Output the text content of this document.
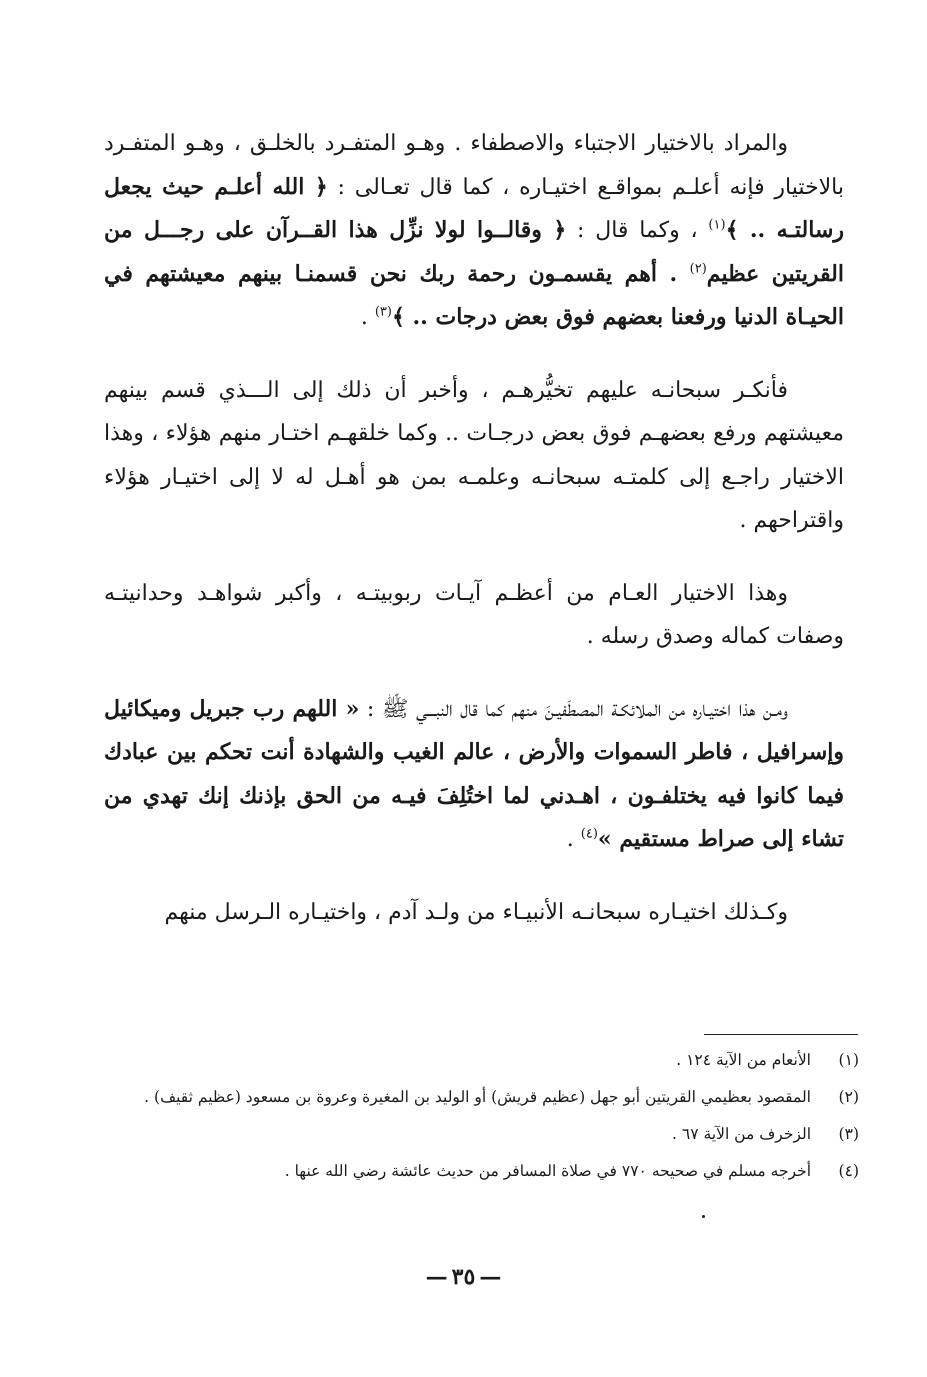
والمراد بالاختيار الاجتباء والاصطفاء . وهـو المتفـرد بالخلـق ، وهـو المتفـرد بالاختيار فإنه أعلـم بمواقـع اختيـاره ، كما قال تعـالى : ﴿ الله أعلـم حيث يجعل رسالتـه .. ﴾$^{(١)}$ ، وكما قال : ﴿ وقالــوا لولا نزِّل هذا القــرآن على رجـــل من القريتين عظيم$^{(٢)}$ . أهم يقسمـون رحمة ربك نحن قسمنـا بينهم معيشتهم في الحيـاة الدنيا ورفعنا بعضهم فوق بعض درجات .. ﴾$^{(٣)}$ .

فأنكـر سبحانـه عليهم تخيُّرهـم ، وأخبر أن ذلك إلى الـــذي قسم بينهم معيشتهم ورفع بعضهـم فوق بعض درجـات .. وكما خلقهـم اختـار منهم هؤلاء ، وهذا الاختيار راجـع إلى كلمتـه سبحانـه وعلمـه بمن هو أهـل له لا إلى اختيـار هؤلاء واقتراحهم .

وهذا الاختيار العـام من أعظـم آيـات ربوبيتـه ، وأكبر شواهـد وحدانيتـه وصفات كماله وصدق رسله .

ومـن هذا اختيـاره من الملائكـة المصطَفيـنَ منهم كما قال النبـــي ﷺ : « اللهم رب جبريل وميكائيل وإسرافيل ، فاطر السموات والأرض ، عالم الغيب والشهادة أنت تحكم بين عبادك فيما كانوا فيه يختلفـون ، اهـدني لما اختُلِفَ فيـه من الحق بإذنك إنك تهدي من تشاء إلى صراط مستقيم »$^{(٤)}$ .

وكـذلك اختيـاره سبحانـه الأنبيـاء من ولـد آدم ، واختيـاره الـرسل منهم

(١)الأنعام من الآية ١٢٤ .

(٢)المقصود بعظيمي القريتين أبو جهل (عظيم قريش) أو الوليد بن المغيرة وعروة بن مسعود (عظيم ثقيف) .

(٣)الزخرف من الآية ٦٧ .

(٤)أخرجه مسلم في صحيحه ٧٧٠ في صلاة المسافر من حديث عائشة رضي الله عنها .

— ٣٥ —
